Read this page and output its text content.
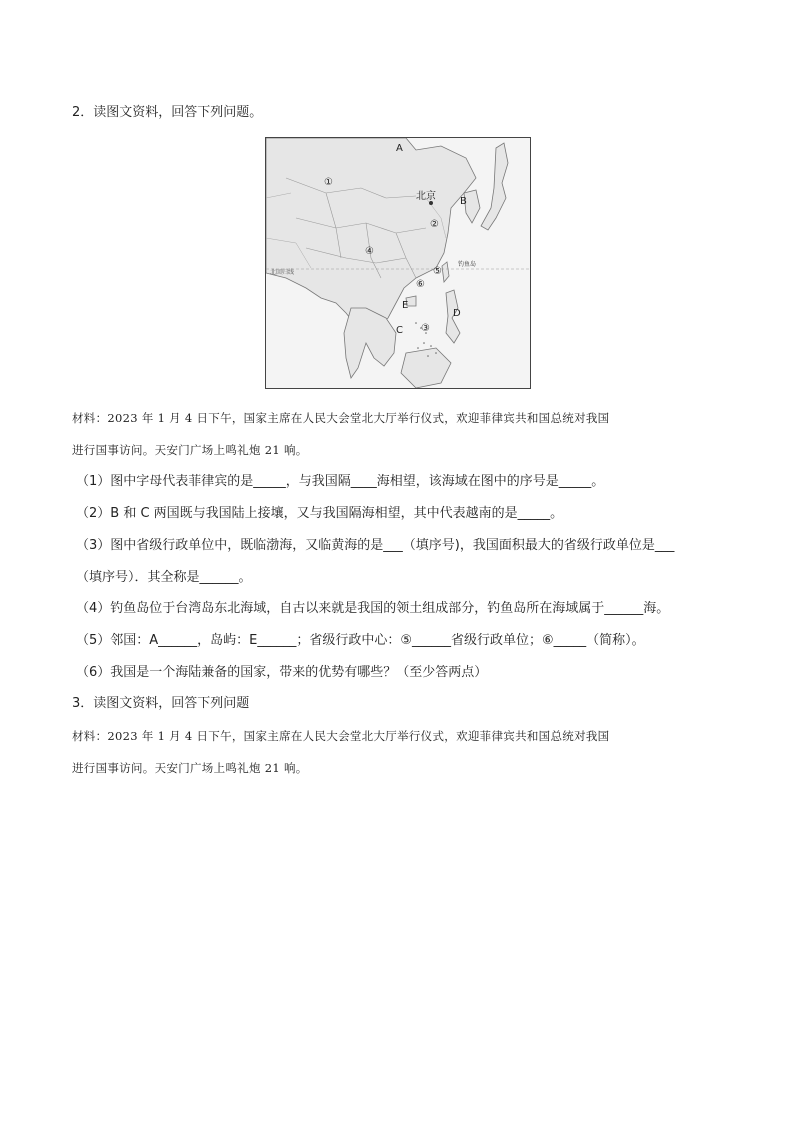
2．读图文资料，回答下列问题。
北回归线
A
B
C
D
E
北京
钓鱼岛
①
②
③
④
⑤
⑥
材料：2023 年 1 月 4 日下午，国家主席在人民大会堂北大厅举行仪式，欢迎菲律宾共和国总统对我国
进行国事访问。天安门广场上鸣礼炮 21 响。
（1）图中字母代表菲律宾的是_____，与我国隔____海相望，该海域在图中的序号是_____。
（2）B 和 C 两国既与我国陆上接壤，又与我国隔海相望，其中代表越南的是_____。
（3）图中省级行政单位中，既临渤海，又临黄海的是___（填序号)，我国面积最大的省级行政单位是___
（填序号）．其全称是______。
（4）钓鱼岛位于台湾岛东北海域，自古以来就是我国的领土组成部分，钓鱼岛所在海域属于______海。
（5）邻国：A______，岛屿：E______；省级行政中心：⑤______省级行政单位；⑥_____（简称）。
（6）我国是一个海陆兼备的国家，带来的优势有哪些？（至少答两点）
3．读图文资料，回答下列问题
材料：2023 年 1 月 4 日下午，国家主席在人民大会堂北大厅举行仪式，欢迎菲律宾共和国总统对我国
进行国事访问。天安门广场上鸣礼炮 21 响。
